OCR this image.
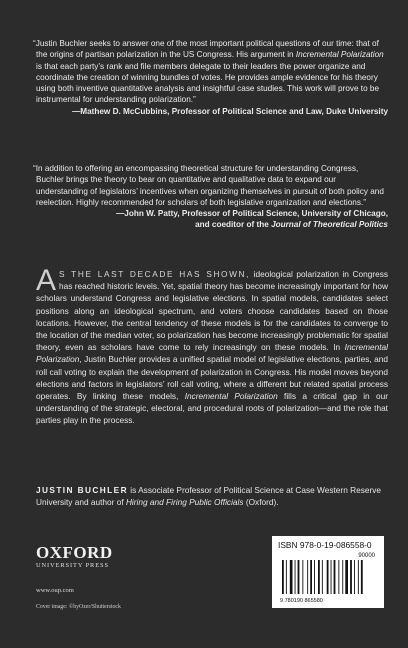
“Justin Buchler seeks to answer one of the most important political questions of our time: that of the origins of partisan polarization in the US Congress. His argument in Incremental Polarization is that each party’s rank and file members delegate to their leaders the power organize and coordinate the creation of winning bundles of votes. He provides ample evidence for his theory using both inventive quantitative analysis and insightful case studies. This work will prove to be instrumental for understanding polarization.”

—Mathew D. McCubbins, Professor of Political Science and Law, Duke University

“In addition to offering an encompassing theoretical structure for understanding Congress, Buchler brings the theory to bear on quantitative and qualitative data to expand our understanding of legislators’ incentives when organizing themselves in pursuit of both policy and reelection. Highly recommended for scholars of both legislative organization and elections.”

—John W. Patty, Professor of Political Science, University of Chicago,
and coeditor of the Journal of Theoretical Politics

AS THE LAST DECADE HAS SHOWN, ideological polarization in Congress has reached historic levels. Yet, spatial theory has become increasingly important for how scholars understand Congress and legislative elections. In spatial models, candidates select positions along an ideological spectrum, and voters choose candidates based on those locations. However, the central tendency of these models is for the candidates to converge to the location of the median voter, so polarization has become increasingly problematic for spatial theory, even as scholars have come to rely increasingly on these models. In Incremental Polarization, Justin Buchler provides a unified spatial model of legislative elections, parties, and roll call voting to explain the development of polarization in Congress. His model moves beyond elections and factors in legislators’ roll call voting, where a different but related spatial process operates. By linking these models, Incremental Polarization fills a critical gap in our understanding of the strategic, electoral, and procedural roots of polarization—and the role that parties play in the process.
JUSTIN BUCHLER is Associate Professor of Political Science at Case Western Reserve University and author of Hiring and Firing Public Officials (Oxford).
OXFORD
UNIVERSITY PRESS
www.oup.com
Cover image: ©byOzer/Shutterstock
ISBN 978-0-19-086558-0
90000
9 780190 865580
